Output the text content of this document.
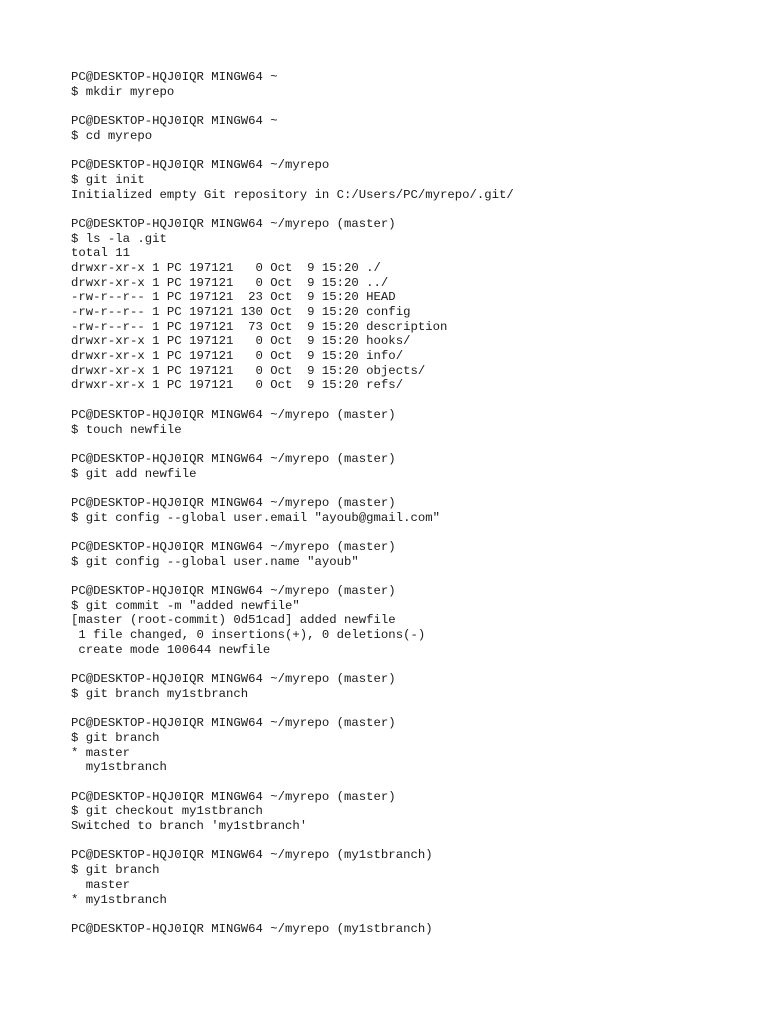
PC@DESKTOP-HQJ0IQR MINGW64 ~
$ mkdir myrepo
PC@DESKTOP-HQJ0IQR MINGW64 ~
$ cd myrepo
PC@DESKTOP-HQJ0IQR MINGW64 ~/myrepo
$ git init
Initialized empty Git repository in C:/Users/PC/myrepo/.git/
PC@DESKTOP-HQJ0IQR MINGW64 ~/myrepo (master)
$ ls -la .git
total 11
drwxr-xr-x 1 PC 197121   0 Oct  9 15:20 ./
drwxr-xr-x 1 PC 197121   0 Oct  9 15:20 ../
-rw-r--r-- 1 PC 197121  23 Oct  9 15:20 HEAD
-rw-r--r-- 1 PC 197121 130 Oct  9 15:20 config
-rw-r--r-- 1 PC 197121  73 Oct  9 15:20 description
drwxr-xr-x 1 PC 197121   0 Oct  9 15:20 hooks/
drwxr-xr-x 1 PC 197121   0 Oct  9 15:20 info/
drwxr-xr-x 1 PC 197121   0 Oct  9 15:20 objects/
drwxr-xr-x 1 PC 197121   0 Oct  9 15:20 refs/
PC@DESKTOP-HQJ0IQR MINGW64 ~/myrepo (master)
$ touch newfile
PC@DESKTOP-HQJ0IQR MINGW64 ~/myrepo (master)
$ git add newfile
PC@DESKTOP-HQJ0IQR MINGW64 ~/myrepo (master)
$ git config --global user.email "ayoub@gmail.com"
PC@DESKTOP-HQJ0IQR MINGW64 ~/myrepo (master)
$ git config --global user.name "ayoub"
PC@DESKTOP-HQJ0IQR MINGW64 ~/myrepo (master)
$ git commit -m "added newfile"
[master (root-commit) 0d51cad] added newfile
1 file changed, 0 insertions(+), 0 deletions(-)
create mode 100644 newfile
PC@DESKTOP-HQJ0IQR MINGW64 ~/myrepo (master)
$ git branch my1stbranch
PC@DESKTOP-HQJ0IQR MINGW64 ~/myrepo (master)
$ git branch
* master
my1stbranch
PC@DESKTOP-HQJ0IQR MINGW64 ~/myrepo (master)
$ git checkout my1stbranch
Switched to branch 'my1stbranch'
PC@DESKTOP-HQJ0IQR MINGW64 ~/myrepo (my1stbranch)
$ git branch
master
* my1stbranch
PC@DESKTOP-HQJ0IQR MINGW64 ~/myrepo (my1stbranch)
